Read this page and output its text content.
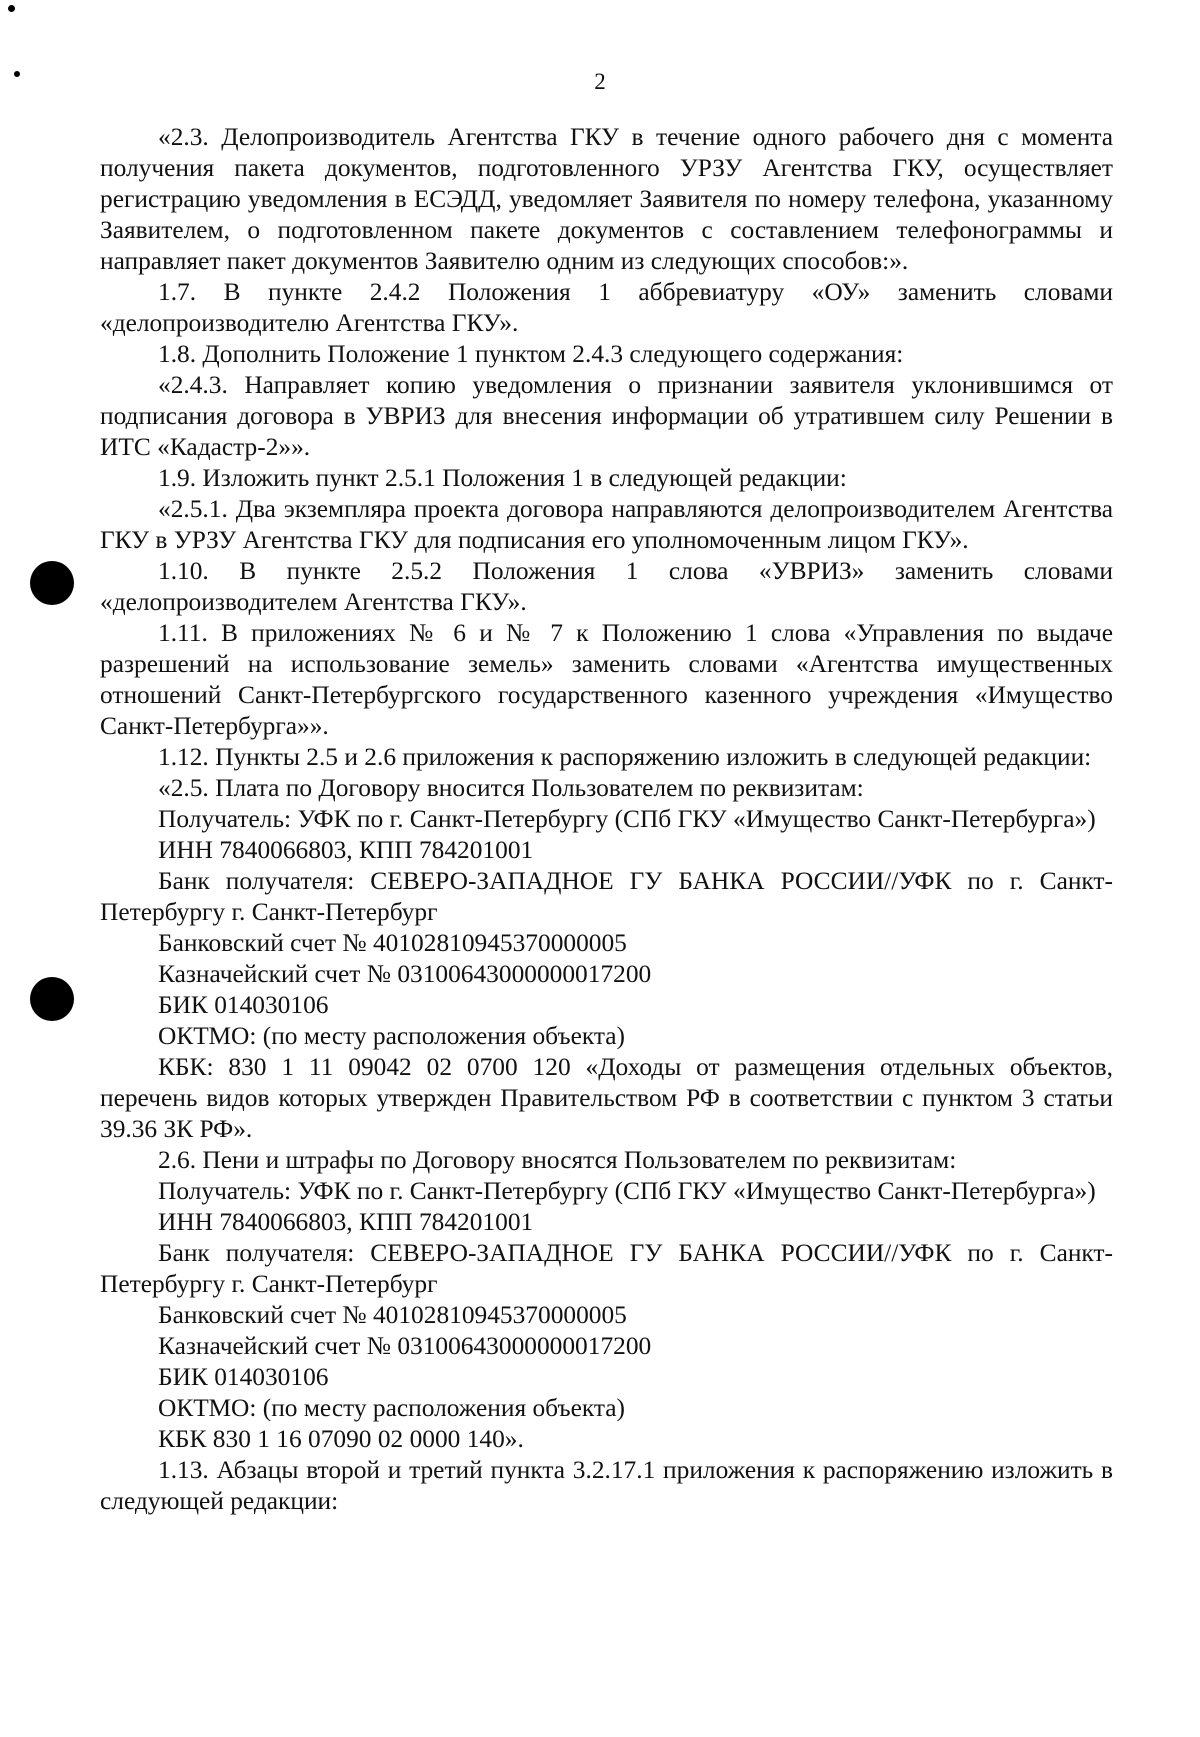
2

«2.3. Делопроизводитель Агентства ГКУ в течение одного рабочего дня с момента получения пакета документов, подготовленного УРЗУ Агентства ГКУ, осуществляет регистрацию уведомления в ЕСЭДД, уведомляет Заявителя по номеру телефона, указанному Заявителем, о подготовленном пакете документов с составлением телефонограммы и направляет пакет документов Заявителю одним из следующих способов:».

1.7. В пункте 2.4.2 Положения 1 аббревиатуру «ОУ» заменить словами «делопроизводителю Агентства ГКУ».

1.8. Дополнить Положение 1 пунктом 2.4.3 следующего содержания:

«2.4.3. Направляет копию уведомления о признании заявителя уклонившимся от подписания договора в УВРИЗ для внесения информации об утратившем силу Решении в ИТС «Кадастр-2»».

1.9. Изложить пункт 2.5.1 Положения 1 в следующей редакции:

«2.5.1. Два экземпляра проекта договора направляются делопроизводителем Агентства ГКУ в УРЗУ Агентства ГКУ для подписания его уполномоченным лицом ГКУ».

1.10. В пункте 2.5.2 Положения 1 слова «УВРИЗ» заменить словами «делопроизводителем Агентства ГКУ».

1.11. В приложениях № 6 и № 7 к Положению 1 слова «Управления по выдаче разрешений на использование земель» заменить словами «Агентства имущественных отношений Санкт-Петербургского государственного казенного учреждения «Имущество Санкт-Петербурга»».

1.12. Пункты 2.5 и 2.6 приложения к распоряжению изложить в следующей редакции:

«2.5. Плата по Договору вносится Пользователем по реквизитам:

Получатель: УФК по г. Санкт-Петербургу (СПб ГКУ «Имущество Санкт-Петербурга»)

ИНН 7840066803, КПП 784201001

Банк получателя: СЕВЕРО-ЗАПАДНОЕ ГУ БАНКА РОССИИ//УФК по г. Санкт-Петербургу г. Санкт-Петербург

Банковский счет № 40102810945370000005

Казначейский счет № 03100643000000017200

БИК 014030106

ОКТМО: (по месту расположения объекта)

КБК: 830 1 11 09042 02 0700 120 «Доходы от размещения отдельных объектов, перечень видов которых утвержден Правительством РФ в соответствии с пунктом 3 статьи 39.36 ЗК РФ».

2.6. Пени и штрафы по Договору вносятся Пользователем по реквизитам:

Получатель: УФК по г. Санкт-Петербургу (СПб ГКУ «Имущество Санкт-Петербурга»)

ИНН 7840066803, КПП 784201001

Банк получателя: СЕВЕРО-ЗАПАДНОЕ ГУ БАНКА РОССИИ//УФК по г. Санкт-Петербургу г. Санкт-Петербург

Банковский счет № 40102810945370000005

Казначейский счет № 03100643000000017200

БИК 014030106

ОКТМО: (по месту расположения объекта)

КБК 830 1 16 07090 02 0000 140».

1.13. Абзацы второй и третий пункта 3.2.17.1 приложения к распоряжению изложить в следующей редакции:
